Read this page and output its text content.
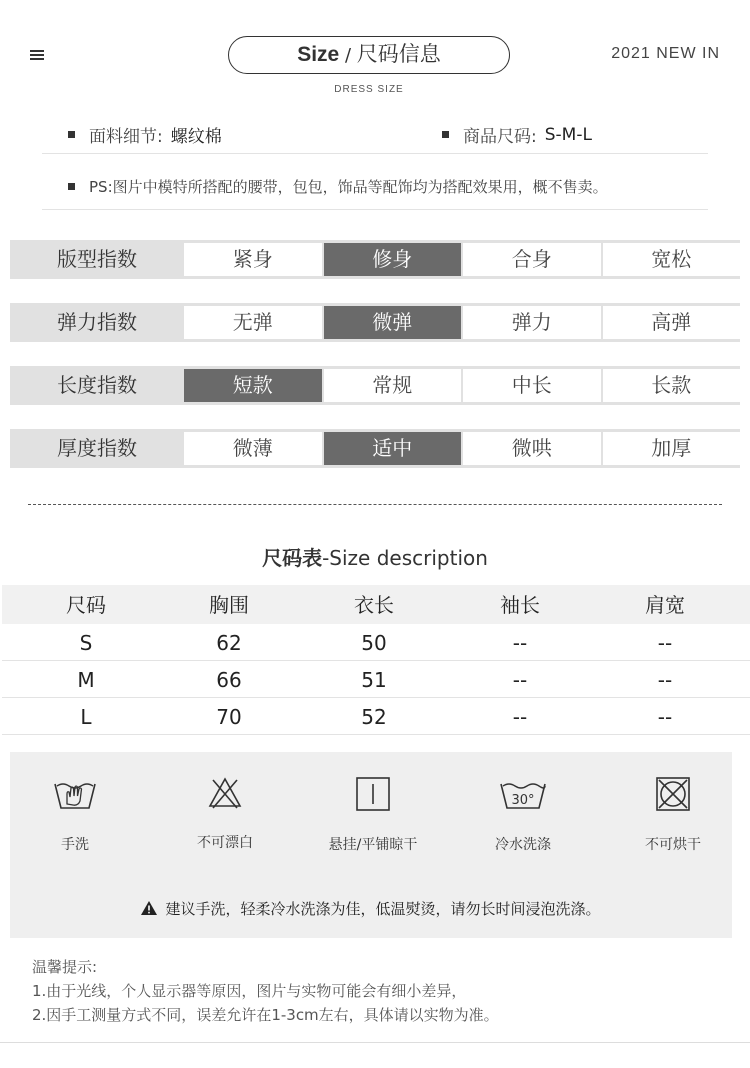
Size / 尺码信息
DRESS SIZE
2021 NEW IN
面料细节: 螺纹棉	商品尺码: S-M-L
PS:图片中模特所搭配的腰带，包包，饰品等配饰均为搭配效果用，概不售卖。
版型指数	紧身	修身	合身	宽松
弹力指数	无弹	微弹	弹力	高弹
长度指数	短款	常规	中长	长款
厚度指数	微薄	适中	微哄	加厚
尺码表-Size description
尺码	胸围	衣长	袖长	肩宽
S	62	50	--	--
M	66	51	--	--
L	70	52	--	--
手洗	不可漂白	悬挂/平铺晾干
30°
冷水洗涤	不可烘干
建议手洗，轻柔冷水洗涤为佳，低温熨烫，请勿长时间浸泡洗涤。
温馨提示:
1.由于光线，个人显示器等原因，图片与实物可能会有细小差异，
2.因手工测量方式不同，误差允许在1-3cm左右，具体请以实物为准。
